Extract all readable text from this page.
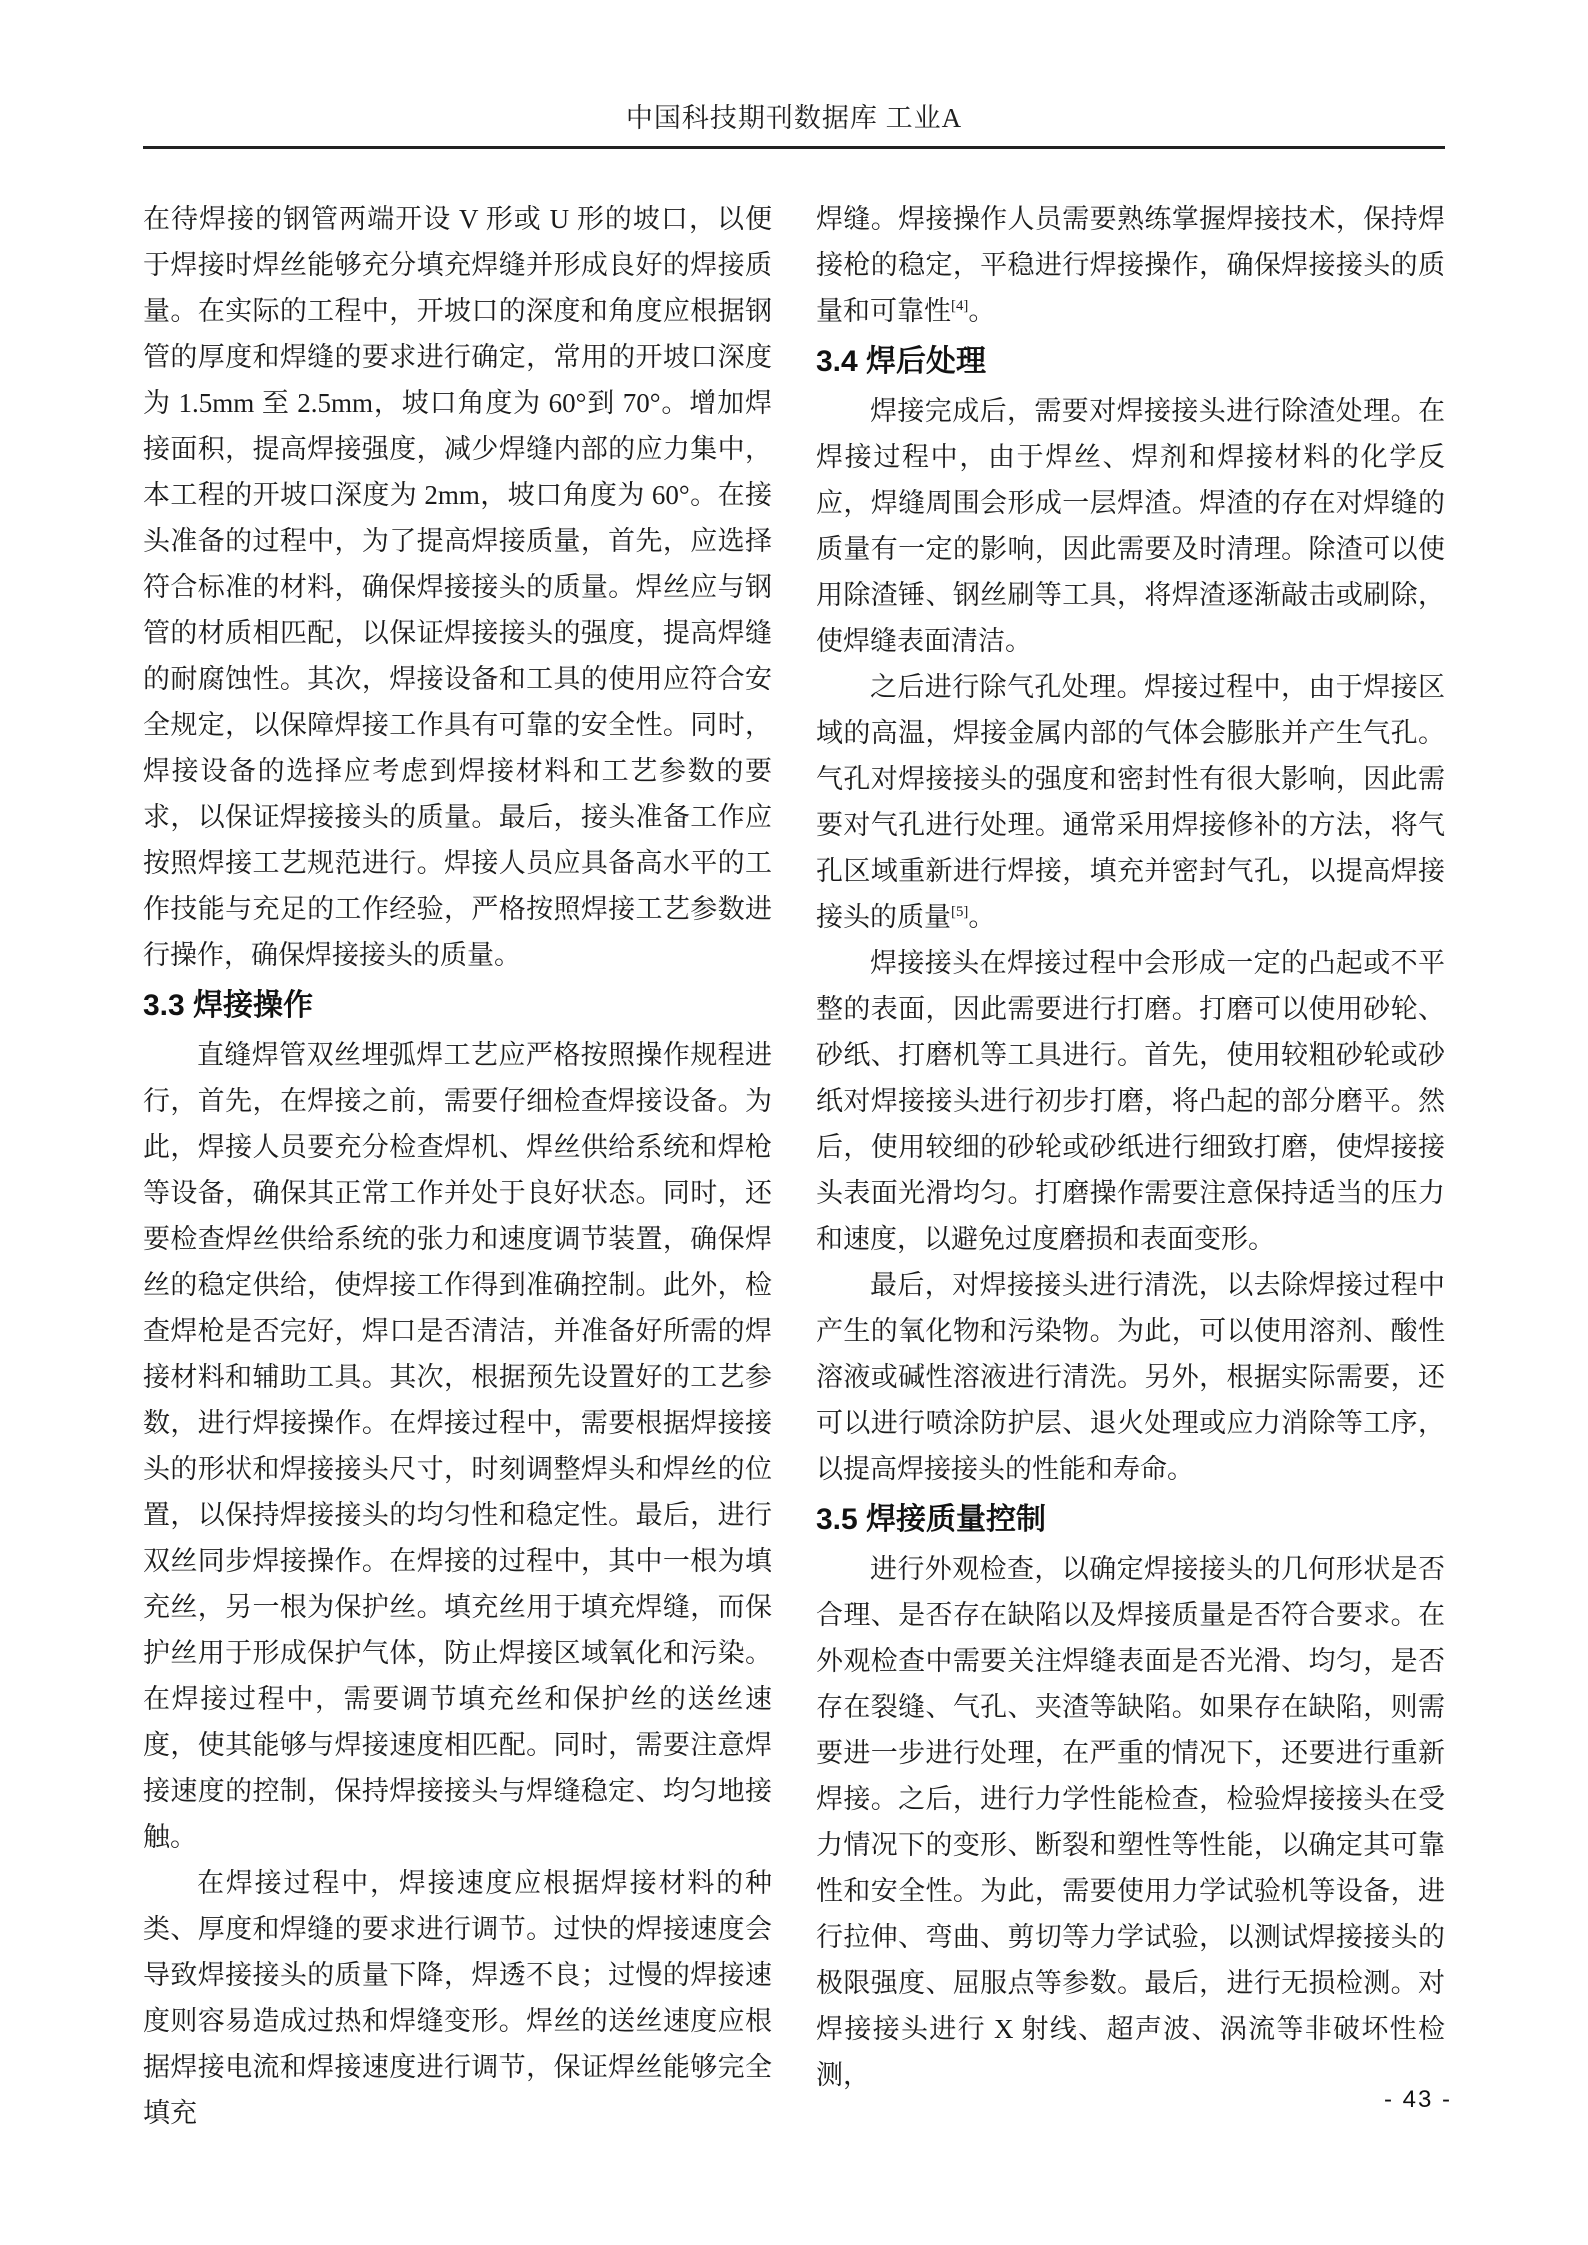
中国科技期刊数据库 工业A

在待焊接的钢管两端开设 V 形或 U 形的坡口，以便于焊接时焊丝能够充分填充焊缝并形成良好的焊接质量。在实际的工程中，开坡口的深度和角度应根据钢管的厚度和焊缝的要求进行确定，常用的开坡口深度为 1.5mm 至 2.5mm，坡口角度为 60°到 70°。增加焊接面积，提高焊接强度，减少焊缝内部的应力集中，本工程的开坡口深度为 2mm，坡口角度为 60°。在接头准备的过程中，为了提高焊接质量，首先，应选择符合标准的材料，确保焊接接头的质量。焊丝应与钢管的材质相匹配，以保证焊接接头的强度，提高焊缝的耐腐蚀性。其次，焊接设备和工具的使用应符合安全规定，以保障焊接工作具有可靠的安全性。同时，焊接设备的选择应考虑到焊接材料和工艺参数的要求，以保证焊接接头的质量。最后，接头准备工作应按照焊接工艺规范进行。焊接人员应具备高水平的工作技能与充足的工作经验，严格按照焊接工艺参数进行操作，确保焊接接头的质量。

3.3 焊接操作

直缝焊管双丝埋弧焊工艺应严格按照操作规程进行，首先，在焊接之前，需要仔细检查焊接设备。为此，焊接人员要充分检查焊机、焊丝供给系统和焊枪等设备，确保其正常工作并处于良好状态。同时，还要检查焊丝供给系统的张力和速度调节装置，确保焊丝的稳定供给，使焊接工作得到准确控制。此外，检查焊枪是否完好，焊口是否清洁，并准备好所需的焊接材料和辅助工具。其次，根据预先设置好的工艺参数，进行焊接操作。在焊接过程中，需要根据焊接接头的形状和焊接接头尺寸，时刻调整焊头和焊丝的位置，以保持焊接接头的均匀性和稳定性。最后，进行双丝同步焊接操作。在焊接的过程中，其中一根为填充丝，另一根为保护丝。填充丝用于填充焊缝，而保护丝用于形成保护气体，防止焊接区域氧化和污染。在焊接过程中，需要调节填充丝和保护丝的送丝速度，使其能够与焊接速度相匹配。同时，需要注意焊接速度的控制，保持焊接接头与焊缝稳定、均匀地接触。

在焊接过程中，焊接速度应根据焊接材料的种类、厚度和焊缝的要求进行调节。过快的焊接速度会导致焊接接头的质量下降，焊透不良；过慢的焊接速度则容易造成过热和焊缝变形。焊丝的送丝速度应根据焊接电流和焊接速度进行调节，保证焊丝能够完全填充

焊缝。焊接操作人员需要熟练掌握焊接技术，保持焊接枪的稳定，平稳进行焊接操作，确保焊接接头的质量和可靠性[4]。

3.4 焊后处理

焊接完成后，需要对焊接接头进行除渣处理。在焊接过程中，由于焊丝、焊剂和焊接材料的化学反应，焊缝周围会形成一层焊渣。焊渣的存在对焊缝的质量有一定的影响，因此需要及时清理。除渣可以使用除渣锤、钢丝刷等工具，将焊渣逐渐敲击或刷除，使焊缝表面清洁。

之后进行除气孔处理。焊接过程中，由于焊接区域的高温，焊接金属内部的气体会膨胀并产生气孔。气孔对焊接接头的强度和密封性有很大影响，因此需要对气孔进行处理。通常采用焊接修补的方法，将气孔区域重新进行焊接，填充并密封气孔，以提高焊接接头的质量[5]。

焊接接头在焊接过程中会形成一定的凸起或不平整的表面，因此需要进行打磨。打磨可以使用砂轮、砂纸、打磨机等工具进行。首先，使用较粗砂轮或砂纸对焊接接头进行初步打磨，将凸起的部分磨平。然后，使用较细的砂轮或砂纸进行细致打磨，使焊接接头表面光滑均匀。打磨操作需要注意保持适当的压力和速度，以避免过度磨损和表面变形。

最后，对焊接接头进行清洗，以去除焊接过程中产生的氧化物和污染物。为此，可以使用溶剂、酸性溶液或碱性溶液进行清洗。另外，根据实际需要，还可以进行喷涂防护层、退火处理或应力消除等工序，以提高焊接接头的性能和寿命。

3.5 焊接质量控制

进行外观检查，以确定焊接接头的几何形状是否合理、是否存在缺陷以及焊接质量是否符合要求。在外观检查中需要关注焊缝表面是否光滑、均匀，是否存在裂缝、气孔、夹渣等缺陷。如果存在缺陷，则需要进一步进行处理，在严重的情况下，还要进行重新焊接。之后，进行力学性能检查，检验焊接接头在受力情况下的变形、断裂和塑性等性能，以确定其可靠性和安全性。为此，需要使用力学试验机等设备，进行拉伸、弯曲、剪切等力学试验，以测试焊接接头的极限强度、屈服点等参数。最后，进行无损检测。对焊接接头进行 X 射线、超声波、涡流等非破坏性检测，

- 43 -
